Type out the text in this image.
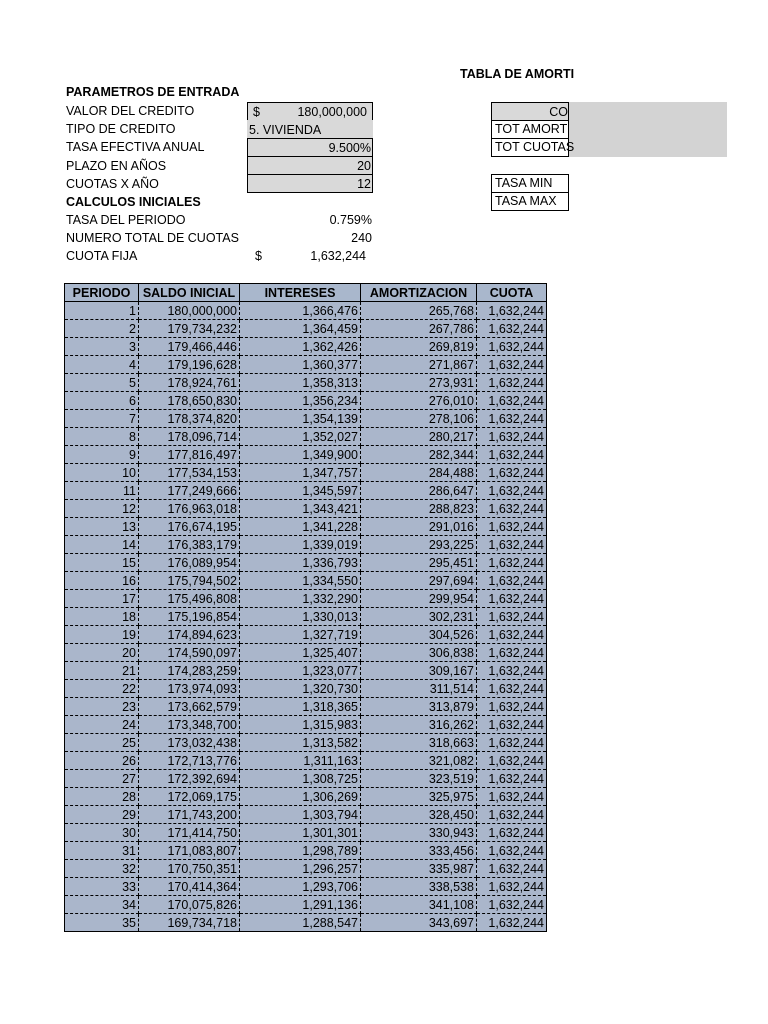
TABLA DE AMORTI
PARAMETROS DE ENTRADA
VALOR DEL CREDITO	$	180,000,000
TIPO DE CREDITO	5. VIVIENDA
TASA EFECTIVA ANUAL	9.500%
PLAZO EN AÑOS	20
CUOTAS X AÑO	12
CALCULOS INICIALES
TASA DEL PERIODO	0.759%
NUMERO TOTAL DE CUOTAS	240
CUOTA FIJA	$	1,632,244
CO
TOT AMORT
TOT CUOTAS
TASA MIN
TASA MAX
PERIODO	SALDO INICIAL	INTERESES	AMORTIZACION	CUOTA
1	180,000,000	1,366,476	265,768	1,632,244
2	179,734,232	1,364,459	267,786	1,632,244
3	179,466,446	1,362,426	269,819	1,632,244
4	179,196,628	1,360,377	271,867	1,632,244
5	178,924,761	1,358,313	273,931	1,632,244
6	178,650,830	1,356,234	276,010	1,632,244
7	178,374,820	1,354,139	278,106	1,632,244
8	178,096,714	1,352,027	280,217	1,632,244
9	177,816,497	1,349,900	282,344	1,632,244
10	177,534,153	1,347,757	284,488	1,632,244
11	177,249,666	1,345,597	286,647	1,632,244
12	176,963,018	1,343,421	288,823	1,632,244
13	176,674,195	1,341,228	291,016	1,632,244
14	176,383,179	1,339,019	293,225	1,632,244
15	176,089,954	1,336,793	295,451	1,632,244
16	175,794,502	1,334,550	297,694	1,632,244
17	175,496,808	1,332,290	299,954	1,632,244
18	175,196,854	1,330,013	302,231	1,632,244
19	174,894,623	1,327,719	304,526	1,632,244
20	174,590,097	1,325,407	306,838	1,632,244
21	174,283,259	1,323,077	309,167	1,632,244
22	173,974,093	1,320,730	311,514	1,632,244
23	173,662,579	1,318,365	313,879	1,632,244
24	173,348,700	1,315,983	316,262	1,632,244
25	173,032,438	1,313,582	318,663	1,632,244
26	172,713,776	1,311,163	321,082	1,632,244
27	172,392,694	1,308,725	323,519	1,632,244
28	172,069,175	1,306,269	325,975	1,632,244
29	171,743,200	1,303,794	328,450	1,632,244
30	171,414,750	1,301,301	330,943	1,632,244
31	171,083,807	1,298,789	333,456	1,632,244
32	170,750,351	1,296,257	335,987	1,632,244
33	170,414,364	1,293,706	338,538	1,632,244
34	170,075,826	1,291,136	341,108	1,632,244
35	169,734,718	1,288,547	343,697	1,632,244
